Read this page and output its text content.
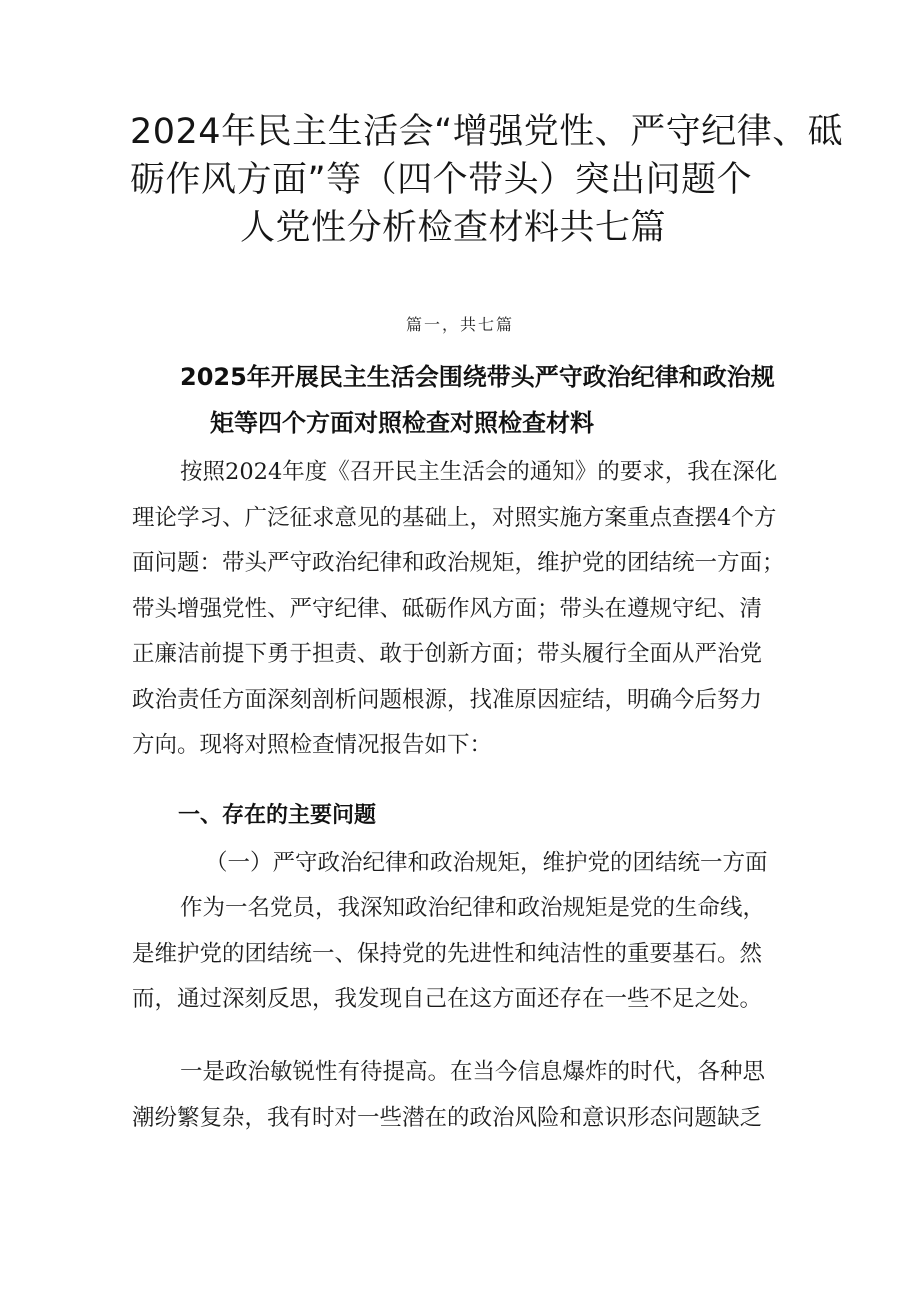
2024年民主生活会“增强党性、严守纪律、砥
砺作风方面”等（四个带头）突出问题个
人党性分析检查材料共七篇
篇一，共七篇
2025年开展民主生活会围绕带头严守政治纪律和政治规
矩等四个方面对照检查对照检查材料
按照2024年度《召开民主生活会的通知》的要求，我在深化
理论学习、广泛征求意见的基础上，对照实施方案重点查摆4个方
面问题：带头严守政治纪律和政治规矩，维护党的团结统一方面；
带头增强党性、严守纪律、砥砺作风方面；带头在遵规守纪、清
正廉洁前提下勇于担责、敢于创新方面；带头履行全面从严治党
政治责任方面深刻剖析问题根源，找准原因症结，明确今后努力
方向。现将对照检查情况报告如下：
一、存在的主要问题
（一）严守政治纪律和政治规矩，维护党的团结统一方面
作为一名党员，我深知政治纪律和政治规矩是党的生命线，
是维护党的团结统一、保持党的先进性和纯洁性的重要基石。然
而，通过深刻反思，我发现自己在这方面还存在一些不足之处。
一是政治敏锐性有待提高。在当今信息爆炸的时代，各种思
潮纷繁复杂，我有时对一些潜在的政治风险和意识形态问题缺乏
